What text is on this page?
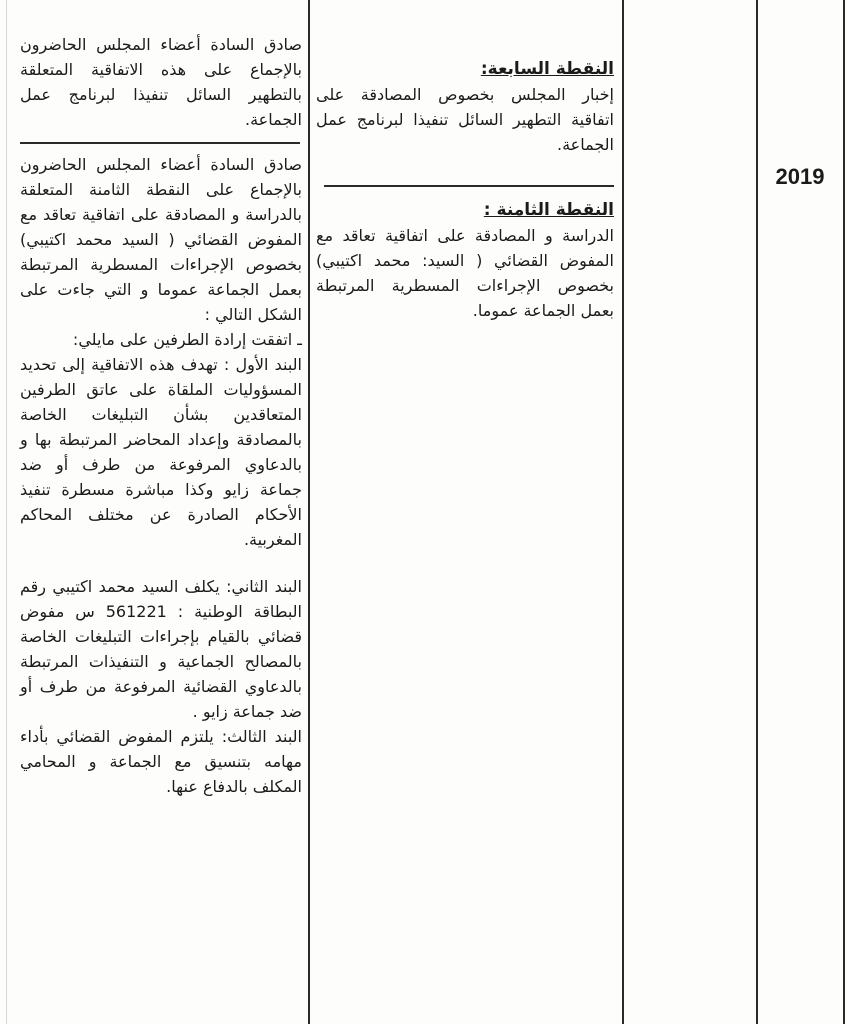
2019

النقطة السابعة:

إخبار المجلس بخصوص المصادقة على اتفاقية التطهير السائل تنفيذا لبرنامج عمل الجماعة.

النقطة الثامنة :

الدراسة و المصادقة على اتفاقية تعاقد مع المفوض القضائي ( السيد: محمد اكتيبي) بخصوص الإجراءات المسطرية المرتبطة بعمل الجماعة عموما.

صادق السادة أعضاء المجلس الحاضرون بالإجماع على هذه الاتفاقية المتعلقة بالتطهير السائل تنفيذا لبرنامج عمل الجماعة.

صادق السادة أعضاء المجلس الحاضرون بالإجماع على النقطة الثامنة المتعلقة بالدراسة و المصادقة على اتفاقية تعاقد مع المفوض القضائي ( السيد محمد اكتيبي) بخصوص الإجراءات المسطرية المرتبطة بعمل الجماعة عموما و التي جاءت على الشكل التالي :

ـ اتفقت إرادة الطرفين على مايلي:

البند الأول : تهدف هذه الاتفاقية إلى تحديد المسؤوليات الملقاة على عاتق الطرفين المتعاقدين بشأن التبليغات الخاصة بالمصادقة وإعداد المحاضر المرتبطة بها و بالدعاوي المرفوعة من طرف أو ضد جماعة زايو وكذا مباشرة مسطرة تنفيذ الأحكام الصادرة عن مختلف المحاكم المغربية.

البند الثاني: يكلف السيد محمد اكتيبي رقم البطاقة الوطنية : 561221 س مفوض قضائي بالقيام بإجراءات التبليغات الخاصة بالمصالح الجماعية و التنفيذات المرتبطة بالدعاوي القضائية المرفوعة من طرف أو ضد جماعة زايو .

البند الثالث: يلتزم المفوض القضائي بأداء مهامه بتنسيق مع الجماعة و المحامي المكلف بالدفاع عنها.
